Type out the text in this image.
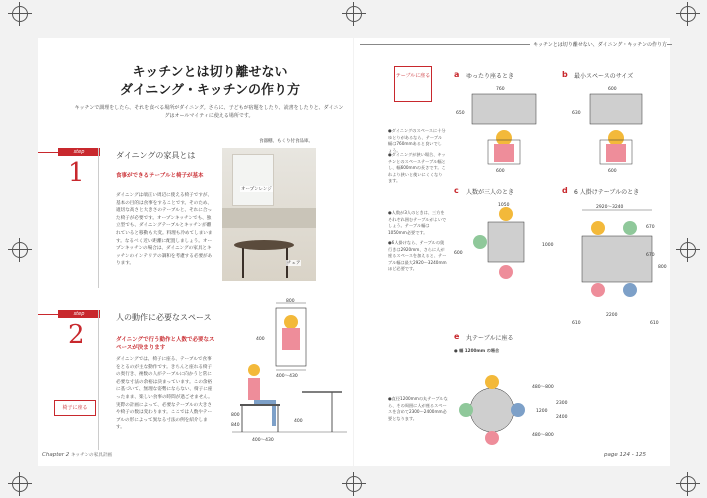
キッチンとは切り離せない、ダイニング・キッチンの作り方
キッチンとは切り離せない
ダイニング・キッチンの作り方
キッチンで調理をしたら、それを食べる場所がダイニング。さらに、子どもが宿題をしたり、読書をしたりと、ダイニングはオールマイティに使える場所です。
step
1
ダイニングの家具とは
食事ができるテーブルと椅子が基本
ダイニングは端正い周辺に使える椅子ですが、基本の目的は食事をすることです。そのため、適切な高さと大きさのテーブルと、それに合った椅子が必要です。オープンキッチンでも、独立型でも、ダイニングテーブルとキッチンが離れていると移動も大変。料理も冷めてしまいます。なるべく近い距離に配置しましょう。オープンキッチンの場合は、ダイニングの家具とキッチンのインテリアの調和を考慮する必要があります。
食器棚、もくり付食品庫。
オープンレンジ
チェア
step
2
人の動作に必要なスペース
ダイニングで行う動作と人数で必要なスペースが決まります
ダイニングでは、椅子に座る、テーブルで食事をとるのが主な動作です。きちんと座れる椅子の奥行き、複数の人がテーブルに向かうと常に必要な寸法の余裕は決まっています。この余裕に基づいて、無理な姿勢にならない、椅子に座ったまま、楽しい食事の時間が過ごせません。実際の計画によって、必要なテーブルの大きさや椅子の数は変わります。ここでは人数やテーブルの形によって異なる寸法の例を紹介します。
椅子に座る
800
400〜430
400
400〜430
400
800
840
テーブルに座る	a ゆったり座るとき
760
650
600
b 最小スペースのサイズ
600
630
600
●ダイニングのスペースに十分ゆとりがあるなら、テーブル幅は760mmあると良いでしょう。
●ダイニングが狭い場合、キッチンとのスペーステーブル幅とし、幅600mmの長さです。これより狭いと使いにくくなります。
c 人数が三人のとき
1050
600
1000
d 6 人掛けテーブルのとき
2920〜3240
2200
610	610
670
670
800
●人数が3人のときは、三方をそれぞれ囲むテーブルがよいでしょう。テーブル幅は1050mm必要です。
●6人掛けなら、テーブルの奥行きは2920mm、さらに人が座るスペースを加えると、テーブル幅は最大2920〜3240mmほど必要です。
e 丸テーブルに座る
● 幅 1200mm の場合
480〜800
1200
480〜800
2300
2400
●直径1200mmの丸テーブルなら、その周囲に人が座るスペースを含めて2300〜2400mm必要となります。
Chapter 2 キッチンの家具計画	page 124 - 125
